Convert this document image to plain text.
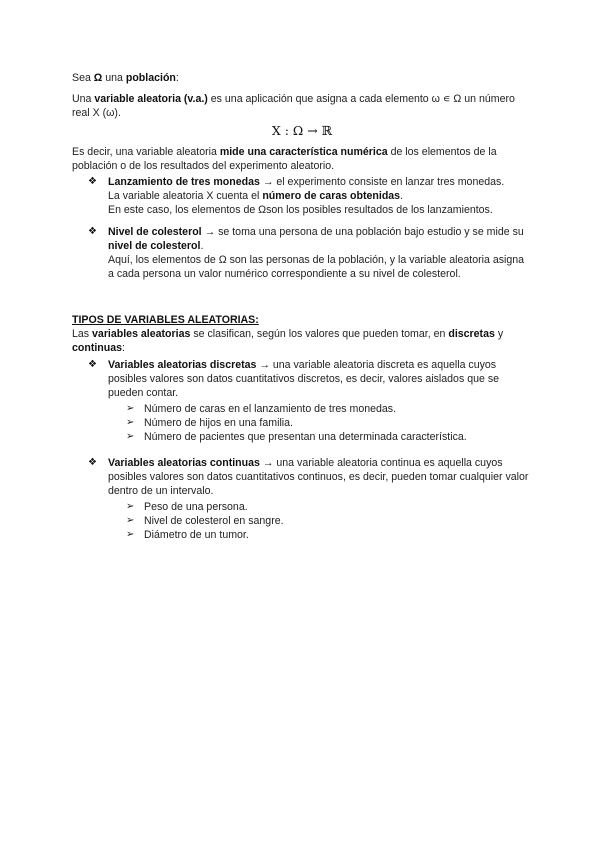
Sea Ω una población:

Una variable aleatoria (v.a.) es una aplicación que asigna a cada elemento ω ∊ Ω un número real X (ω).

X : Ω → ℝ

Es decir, una variable aleatoria mide una característica numérica de los elementos de la población o de los resultados del experimento aleatorio.

❖ Lanzamiento de tres monedas → el experimento consiste en lanzar tres monedas.
La variable aleatoria X cuenta el número de caras obtenidas.
En este caso, los elementos de Ωson los posibles resultados de los lanzamientos.
❖ Nivel de colesterol → se toma una persona de una población bajo estudio y se mide su nivel de colesterol.
Aquí, los elementos de Ω son las personas de la población, y la variable aleatoria asigna a cada persona un valor numérico correspondiente a su nivel de colesterol.

TIPOS DE VARIABLES ALEATORIAS:

Las variables aleatorias se clasifican, según los valores que pueden tomar, en discretas y continuas:

❖ Variables aleatorias discretas → una variable aleatoria discreta es aquella cuyos posibles valores son datos cuantitativos discretos, es decir, valores aislados que se pueden contar.
➢ Número de caras en el lanzamiento de tres monedas.
➢ Número de hijos en una familia.
➢ Número de pacientes que presentan una determinada característica.
❖ Variables aleatorias continuas → una variable aleatoria continua es aquella cuyos posibles valores son datos cuantitativos continuos, es decir, pueden tomar cualquier valor dentro de un intervalo.
➢ Peso de una persona.
➢ Nivel de colesterol en sangre.
➢ Diámetro de un tumor.
